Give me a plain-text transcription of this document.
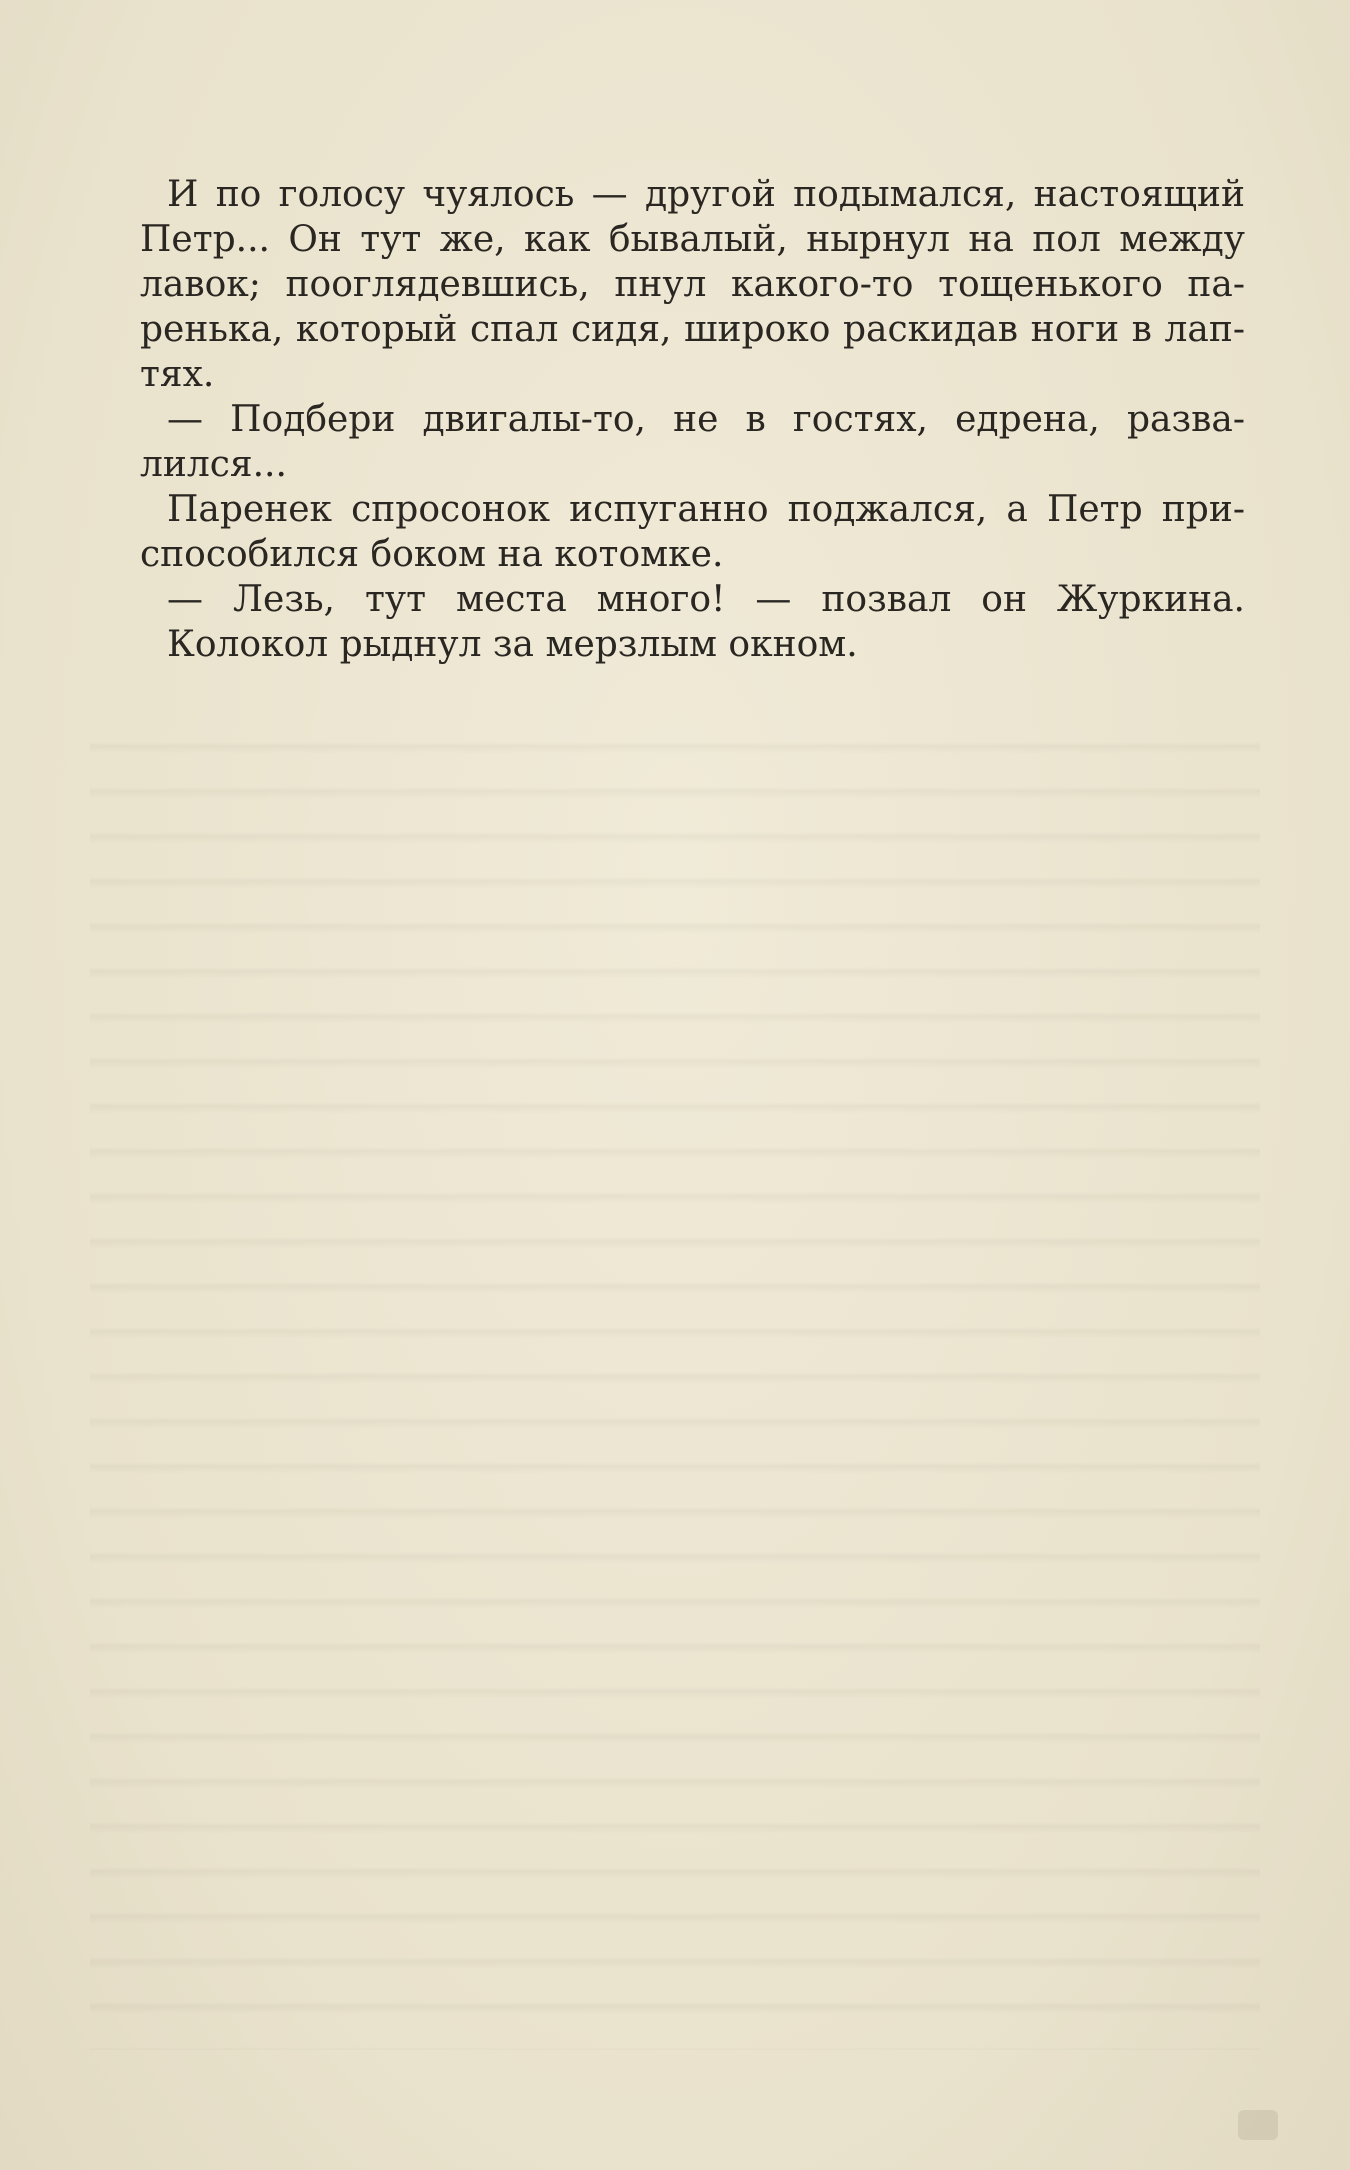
И по голосу чуялось — другой подымался, настоящий
Петр... Он тут же, как бывалый, нырнул на пол между
лавок; пооглядевшись, пнул какого-то тощенького па-
ренька, который спал сидя, широко раскидав ноги в лап-
тях.
— Подбери двигалы-то, не в гостях, едрена, разва-
лился...
Паренек спросонок испуганно поджался, а Петр при-
способился боком на котомке.
— Лезь, тут места много! — позвал он Журкина.
Колокол рыднул за мерзлым окном.
